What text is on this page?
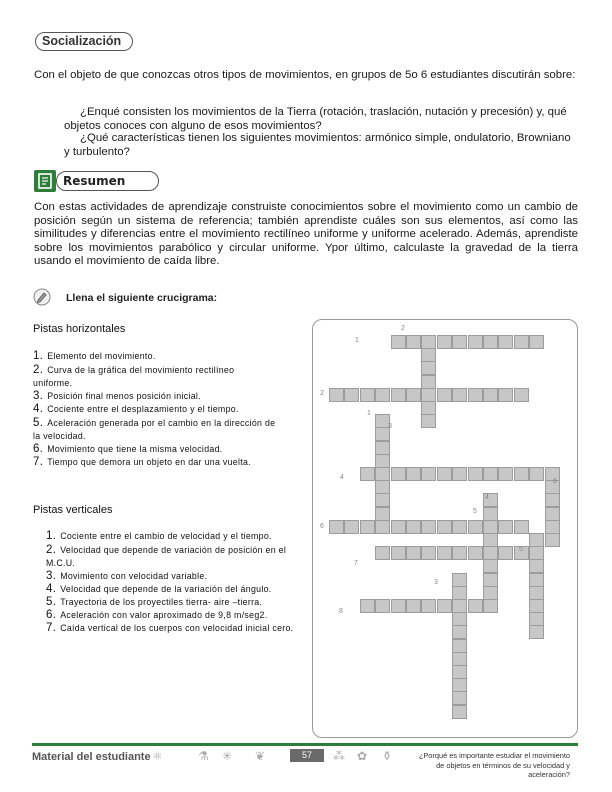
Socialización

Con el objeto de que conozcas otros tipos de movimientos, en grupos de 5o 6 estudiantes discutirán sobre:

¿Enqué consisten los movimientos de la Tierra (rotación, traslación, nutación y precesión) y, qué objetos conoces con alguno de esos movimientos?

¿Qué características tienen los siguientes movimientos: armónico simple, ondulatorio, Browniano y turbulento?

Resumen

Con estas actividades de aprendizaje construiste conocimientos sobre el movimiento como un cambio de posición según un sistema de referencia; también aprendiste cuáles son sus elementos, así como las similitudes y diferencias entre el movimiento rectilíneo uniforme y uniforme acelerado. Además, aprendiste sobre los movimientos parabólico y circular uniforme. Ypor último, calculaste la gravedad de la tierra usando el movimiento de caída libre.

Llena el siguiente crucigrama:
Pistas horizontales
1. Elemento del movimiento.
2. Curva de la gráfica del movimiento rectilíneo
uniforme.
3. Posición final menos posición inicial.
4. Cociente entre el desplazamiento y el tiempo.
5. Aceleración generada por el cambio en la dirección de
la velocidad.
6. Movimiento que tiene la misma velocidad.
7. Tiempo que demora un objeto en dar una vuelta.
Pistas verticales
1. Cociente entre el cambio de velocidad y el tiempo.
2. Velocidad que depende de variación de posición en el
M.C.U.
3. Movimiento con velocidad variable.
4. Velocidad que depende de la variación del ángulo.
5. Trayectoria de los proyectiles tierra- aire –tierra.
6. Aceleración con valor aproximado de 9,8 m/seg2.
7. Caída vertical de los cuerpos con velocidad inicial cero.
1
2
2
1
3
4
6
4
5
6
5
7
3
8
Material del estudiante ⚛	⚗ ✳ ❦	57	⁂ ✿ ⚱	¿Porqué es importante estudiar el movimiento de objetos en términos de su velocidad y aceleración?
